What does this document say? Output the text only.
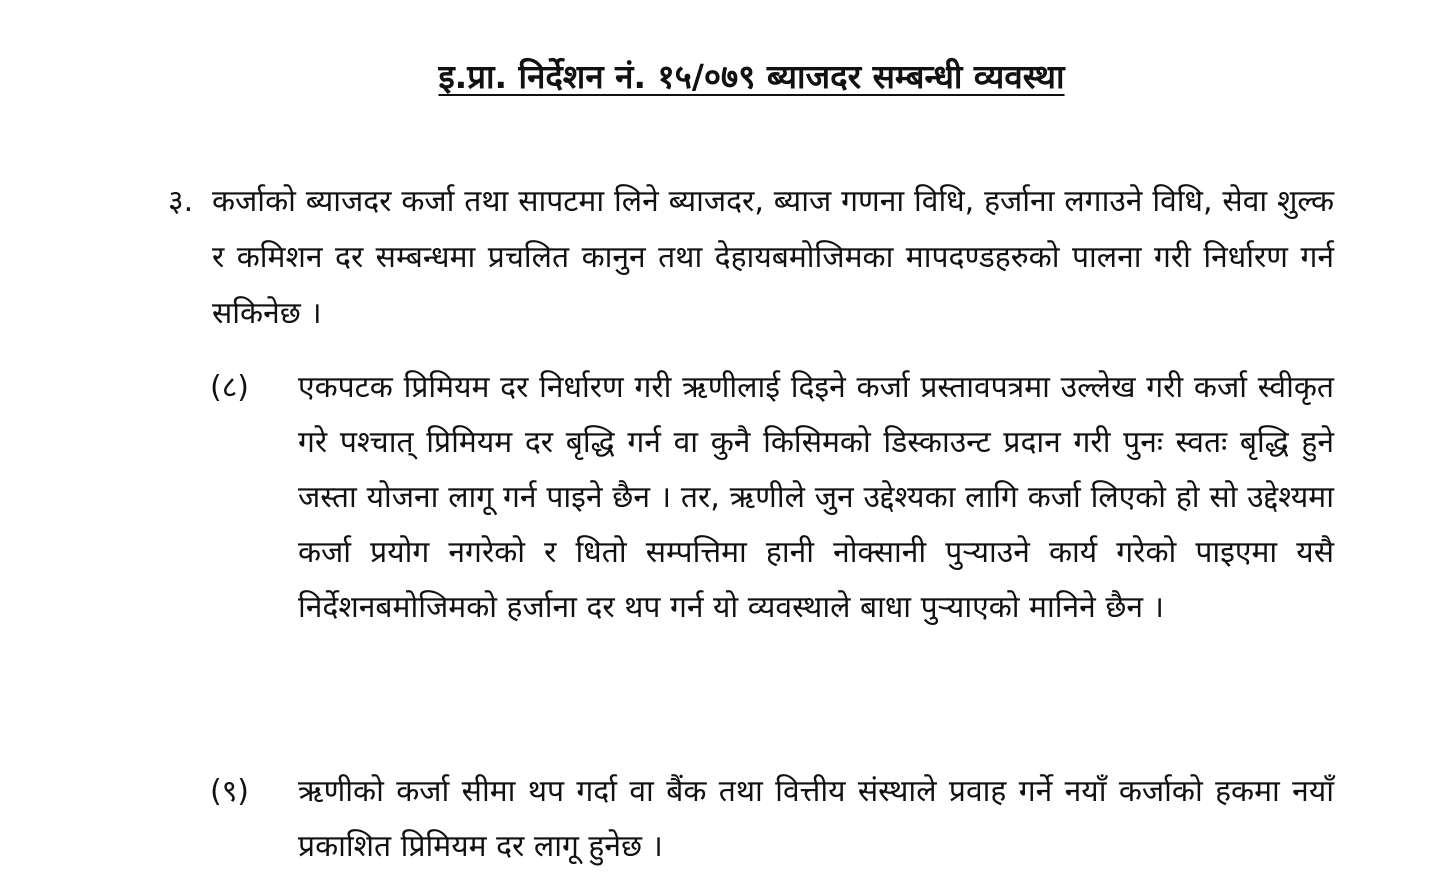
इ.प्रा. निर्देशन नं. १५/०७९ ब्याजदर सम्बन्धी व्यवस्था
३. कर्जाको ब्याजदर कर्जा तथा सापटमा लिने ब्याजदर, ब्याज गणना विधि, हर्जाना लगाउने विधि, सेवा शुल्क र कमिशन दर सम्बन्धमा प्रचलित कानुन तथा देहायबमोजिमका मापदण्डहरुको पालना गरी निर्धारण गर्न सकिनेछ ।
(८) एकपटक प्रिमियम दर निर्धारण गरी ऋणीलाई दिइने कर्जा प्रस्तावपत्रमा उल्लेख गरी कर्जा स्वीकृत गरे पश्चात् प्रिमियम दर बृद्धि गर्न वा कुनै किसिमको डिस्काउन्ट प्रदान गरी पुनः स्वतः बृद्धि हुने जस्ता योजना लागू गर्न पाइने छैन । तर, ऋणीले जुन उद्देश्यका लागि कर्जा लिएको हो सो उद्देश्यमा कर्जा प्रयोग नगरेको र धितो सम्पत्तिमा हानी नोक्सानी पुऱ्याउने कार्य गरेको पाइएमा यसै निर्देशनबमोजिमको हर्जाना दर थप गर्न यो व्यवस्थाले बाधा पुऱ्याएको मानिने छैन ।
(९) ऋणीको कर्जा सीमा थप गर्दा वा बैंक तथा वित्तीय संस्थाले प्रवाह गर्ने नयाँ कर्जाको हकमा नयाँ प्रकाशित प्रिमियम दर लागू हुनेछ ।
